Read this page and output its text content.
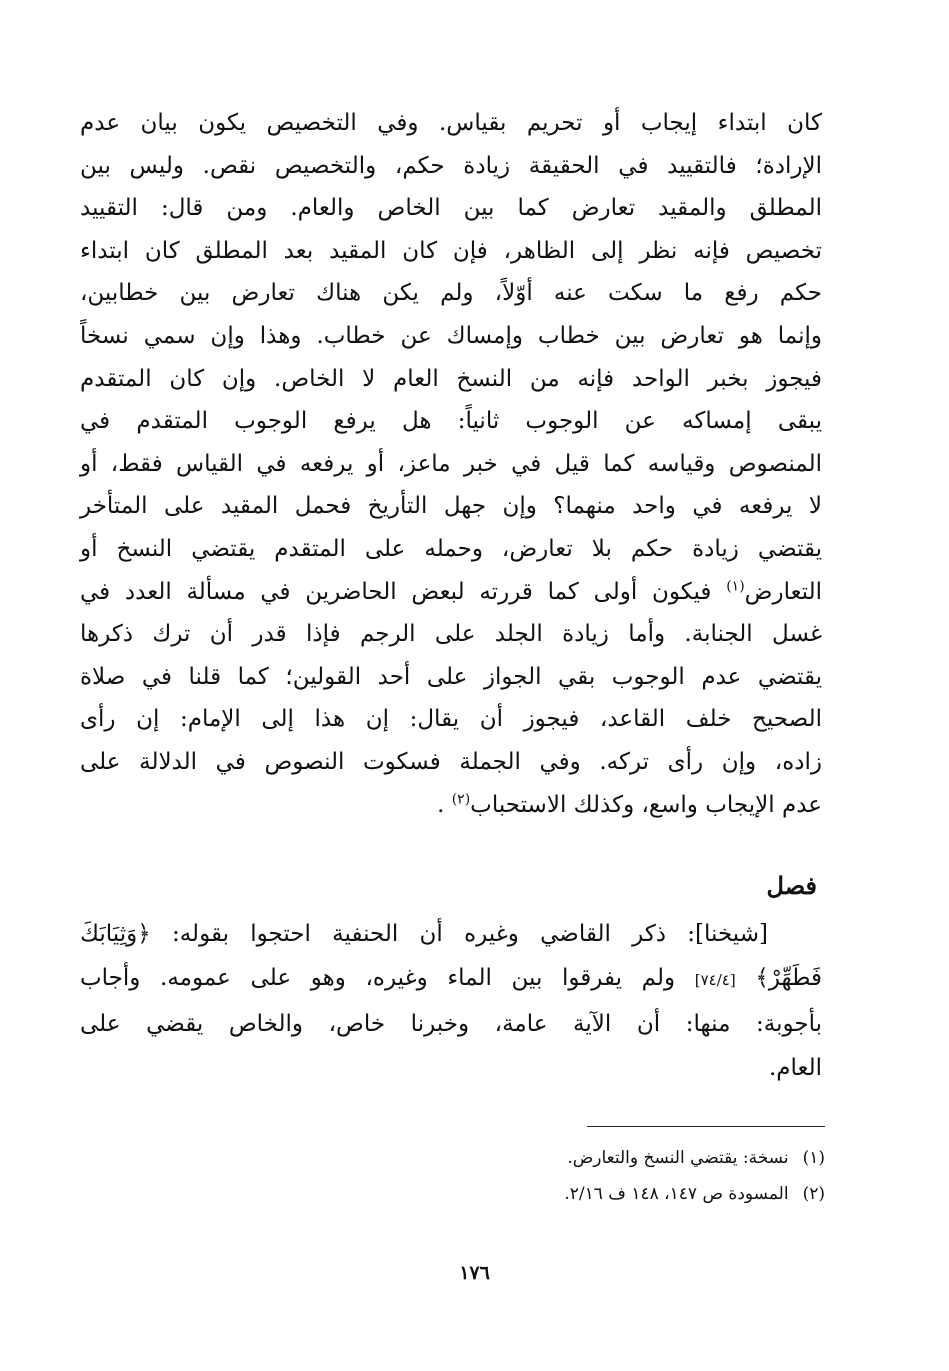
كان ابتداء إيجاب أو تحريم بقياس. وفي التخصيص يكون بيان عدم
الإرادة؛ فالتقييد في الحقيقة زيادة حكم، والتخصيص نقص. وليس بين
المطلق والمقيد تعارض كما بين الخاص والعام. ومن قال: التقييد
تخصيص فإنه نظر إلى الظاهر، فإن كان المقيد بعد المطلق كان ابتداء
حكم رفع ما سكت عنه أوّلاً، ولم يكن هناك تعارض بين خطابين،
وإنما هو تعارض بين خطاب وإمساك عن خطاب. وهذا وإن سمي نسخاً
فيجوز بخبر الواحد فإنه من النسخ العام لا الخاص. وإن كان المتقدم
يبقى إمساكه عن الوجوب ثانياً: هل يرفع الوجوب المتقدم في
المنصوص وقياسه كما قيل في خبر ماعز، أو يرفعه في القياس فقط، أو
لا يرفعه في واحد منهما؟ وإن جهل التأريخ فحمل المقيد على المتأخر
يقتضي زيادة حكم بلا تعارض، وحمله على المتقدم يقتضي النسخ أو
التعارض$^{(١)}$ فيكون أولى كما قررته لبعض الحاضرين في مسألة العدد في
غسل الجنابة. وأما زيادة الجلد على الرجم فإذا قدر أن ترك ذكرها
يقتضي عدم الوجوب بقي الجواز على أحد القولين؛ كما قلنا في صلاة
الصحيح خلف القاعد، فيجوز أن يقال: إن هذا إلى الإمام: إن رأى
زاده، وإن رأى تركه. وفي الجملة فسكوت النصوص في الدلالة على
عدم الإيجاب واسع، وكذلك الاستحباب$^{(٢)}$ .
فصل
[شيخنا]: ذكر القاضي وغيره أن الحنفية احتجوا بقوله: ﴿وَثِيَابَكَ
فَطَهِّرْ﴾ [٧٤/٤] ولم يفرقوا بين الماء وغيره، وهو على عمومه. وأجاب
بأجوبة: منها: أن الآية عامة، وخبرنا خاص، والخاص يقضي على
العام.
(١)نسخة: يقتضي النسخ والتعارض.
(٢)المسودة ص ١٤٧، ١٤٨ ف ٢/١٦.
١٧٦
